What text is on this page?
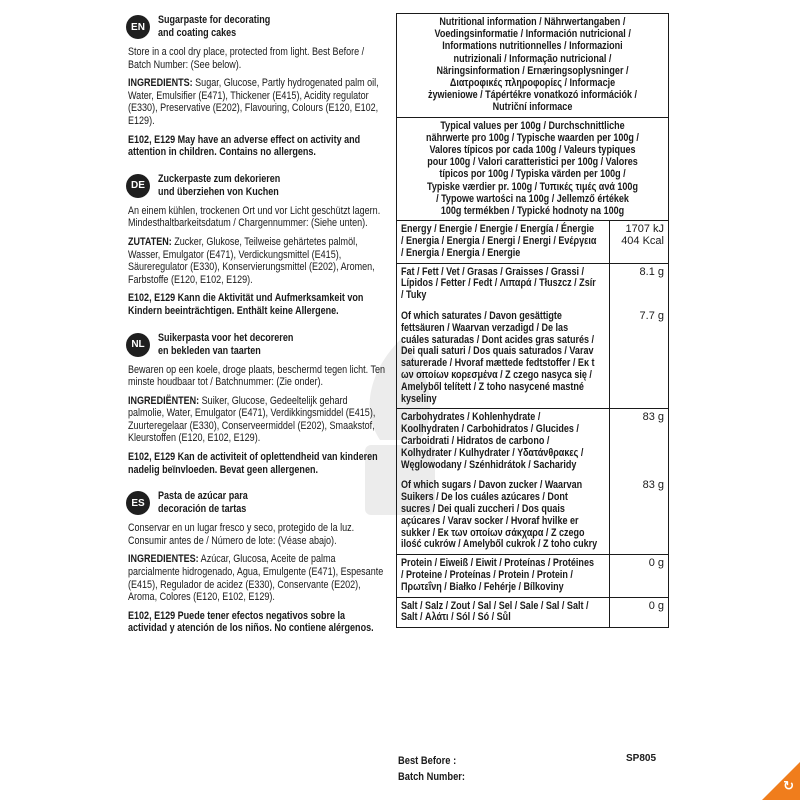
EN
Sugarpaste for decorating
and coating cakes
Store in a cool dry place, protected from light. Best Before / Batch Number: (See below).
INGREDIENTS: Sugar, Glucose, Partly hydrogenated palm oil, Water, Emulsifier (E471), Thickener (E415), Acidity regulator (E330), Preservative (E202), Flavouring, Colours (E120, E102, E129).
E102, E129 May have an adverse effect on activity and attention in children. Contains no allergens.
DE
Zuckerpaste zum dekorieren
und überziehen von Kuchen
An einem kühlen, trockenen Ort und vor Licht geschützt lagern. Mindesthaltbarkeitsdatum / Chargennummer: (Siehe unten).
ZUTATEN: Zucker, Glukose, Teilweise gehärtetes palmöl, Wasser, Emulgator (E471), Verdickungsmittel (E415), Säureregulator (E330), Konservierungsmittel (E202), Aromen, Farbstoffe (E120, E102, E129).
E102, E129 Kann die Aktivität und Aufmerksamkeit von Kindern beeinträchtigen. Enthält keine Allergene.
NL
Suikerpasta voor het decoreren
en bekleden van taarten
Bewaren op een koele, droge plaats, beschermd tegen licht. Ten minste houdbaar tot / Batchnummer: (Zie onder).
INGREDIËNTEN: Suiker, Glucose, Gedeeltelijk gehard palmolie, Water, Emulgator (E471), Verdikkingsmiddel (E415), Zuurteregelaar (E330), Conserveermiddel (E202), Smaakstof, Kleurstoffen (E120, E102, E129).
E102, E129 Kan de activiteit of oplettendheid van kinderen nadelig beïnvloeden. Bevat geen allergenen.
ES
Pasta de azúcar para
decoración de tartas
Conservar en un lugar fresco y seco, protegido de la luz. Consumir antes de / Número de lote: (Véase abajo).
INGREDIENTES: Azúcar, Glucosa, Aceite de palma parcialmente hidrogenado, Agua, Emulgente (E471), Espesante (E415), Regulador de acidez (E330), Conservante (E202), Aroma, Colores (E120, E102, E129).
E102, E129 Puede tener efectos negativos sobre la actividad y atención de los niños. No contiene alérgenos.
Nutritional information / Nährwertangaben /
Voedingsinformatie / Información nutricional /
Informations nutritionnelles / Informazioni nutrizionali / Informação nutricional / Näringsinformation / Ernæringsoplysninger /
Διατροφικές πληροφορίες / Informacje żywieniowe / Tápértékre vonatkozó információk / Nutriční informace
Typical values per 100g / Durchschnittliche nährwerte pro 100g / Typische waarden per 100g / Valores típicos por cada 100g / Valeurs typiques pour 100g / Valori caratteristici per 100g / Valores típicos por 100g / Typiska värden per 100g / Typiske værdier pr. 100g / Τυπικές τιμές ανά 100g / Typowe wartości na 100g / Jellemző értékek 100g termékben / Typické hodnoty na 100g
Energy / Energie / Energie / Energía / Énergie / Energia / Energia / Energi / Energi / Ενέργεια / Energia / Energia / Energie
1707 kJ
404 Kcal
Fat / Fett / Vet / Grasas / Graisses / Grassi / Lípidos / Fetter / Fedt / Λιπαρά / Tłuszcz / Zsír / Tuky
8.1 g
Of which saturates / Davon gesättigte fettsäuren / Waarvan verzadigd / De las cuáles saturadas / Dont acides gras saturés / Dei quali saturi / Dos quais saturados / Varav saturerade / Hvoraf mættede fedtstoffer / Εκ t ων οποίων κορεσμένα / Z czego nasyca się / Amelyből telített / Z toho nasycené mastné kyseliny
7.7 g
Carbohydrates / Kohlenhydrate / Koolhydraten / Carbohidratos / Glucides / Carboidrati / Hidratos de carbono / Kolhydrater / Kulhydrater / Υδατάνθρακες / Węglowodany / Szénhidrátok / Sacharidy
83 g
Of which sugars / Davon zucker / Waarvan Suikers / De los cuáles azúcares / Dont sucres / Dei quali zuccheri / Dos quais açúcares / Varav socker / Hvoraf hvilke er sukker / Εκ των οποίων σάκχαρα / Z czego ilość cukrów / Amelyből cukrok / Z toho cukry
83 g
Protein / Eiweiß / Eiwit / Proteínas / Protéines / Proteine / Proteínas / Protein / Protein / Πρωτεΐνη / Białko / Fehérje / Bílkoviny
0 g
Salt / Salz / Zout / Sal / Sel / Sale / Sal / Salt / Salt / Αλάτι / Sól / Só / Sůl
0 g
SP805
Best Before :
Batch Number:
↻
